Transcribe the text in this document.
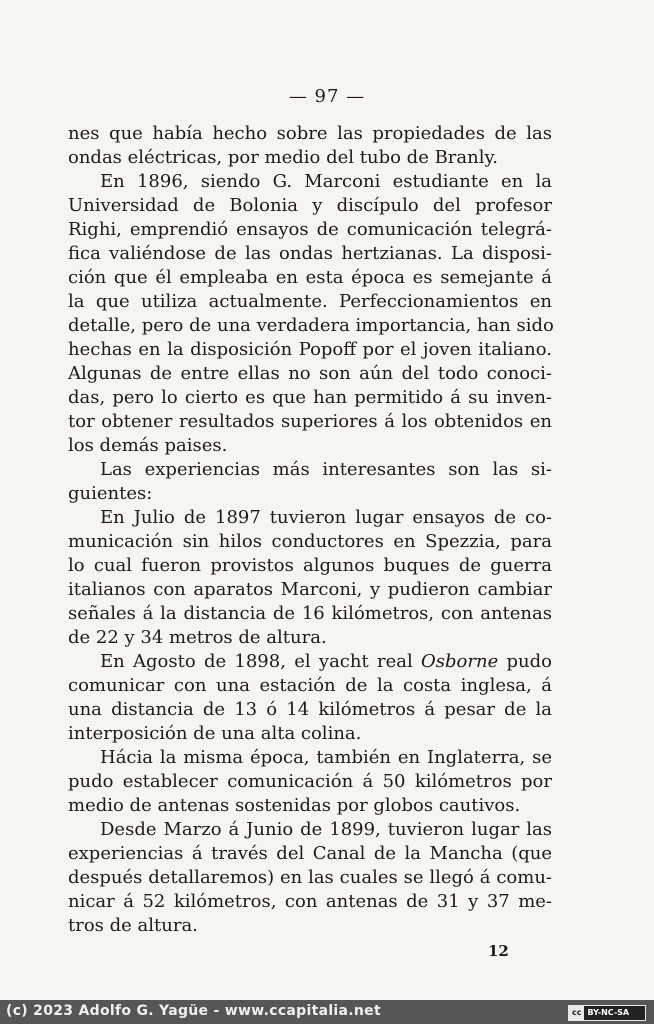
— 97 —

nes que había hecho sobre las propiedades de las

ondas eléctricas, por medio del tubo de Branly.

En 1896, siendo G. Marconi estudiante en la

Universidad de Bolonia y discípulo del profesor

Righi, emprendió ensayos de comunicación telegrá-

fica valiéndose de las ondas hertzianas. La disposi-

ción que él empleaba en esta época es semejante á

la que utiliza actualmente. Perfeccionamientos en

detalle, pero de una verdadera importancia, han sido

hechas en la disposición Popoff por el joven italiano.

Algunas de entre ellas no son aún del todo conoci-

das, pero lo cierto es que han permitido á su inven-

tor obtener resultados superiores á los obtenidos en

los demás paises.

Las experiencias más interesantes son las si-

guientes:

En Julio de 1897 tuvieron lugar ensayos de co-

municación sin hilos conductores en Spezzia, para

lo cual fueron provistos algunos buques de guerra

italianos con aparatos Marconi, y pudieron cambiar

señales á la distancia de 16 kilómetros, con antenas

de 22 y 34 metros de altura.

En Agosto de 1898, el yacht real Osborne pudo

comunicar con una estación de la costa inglesa, á

una distancia de 13 ó 14 kilómetros á pesar de la

interposición de una alta colina.

Hácia la misma época, también en Inglaterra, se

pudo establecer comunicación á 50 kilómetros por

medio de antenas sostenidas por globos cautivos.

Desde Marzo á Junio de 1899, tuvieron lugar las

experiencias á través del Canal de la Mancha (que

después detallaremos) en las cuales se llegó á comu-

nicar á 52 kilómetros, con antenas de 31 y 37 me-

tros de altura.

12
(c) 2023 Adolfo G. Yagüe - www.ccapitalia.net	cc BY-NC-SA
